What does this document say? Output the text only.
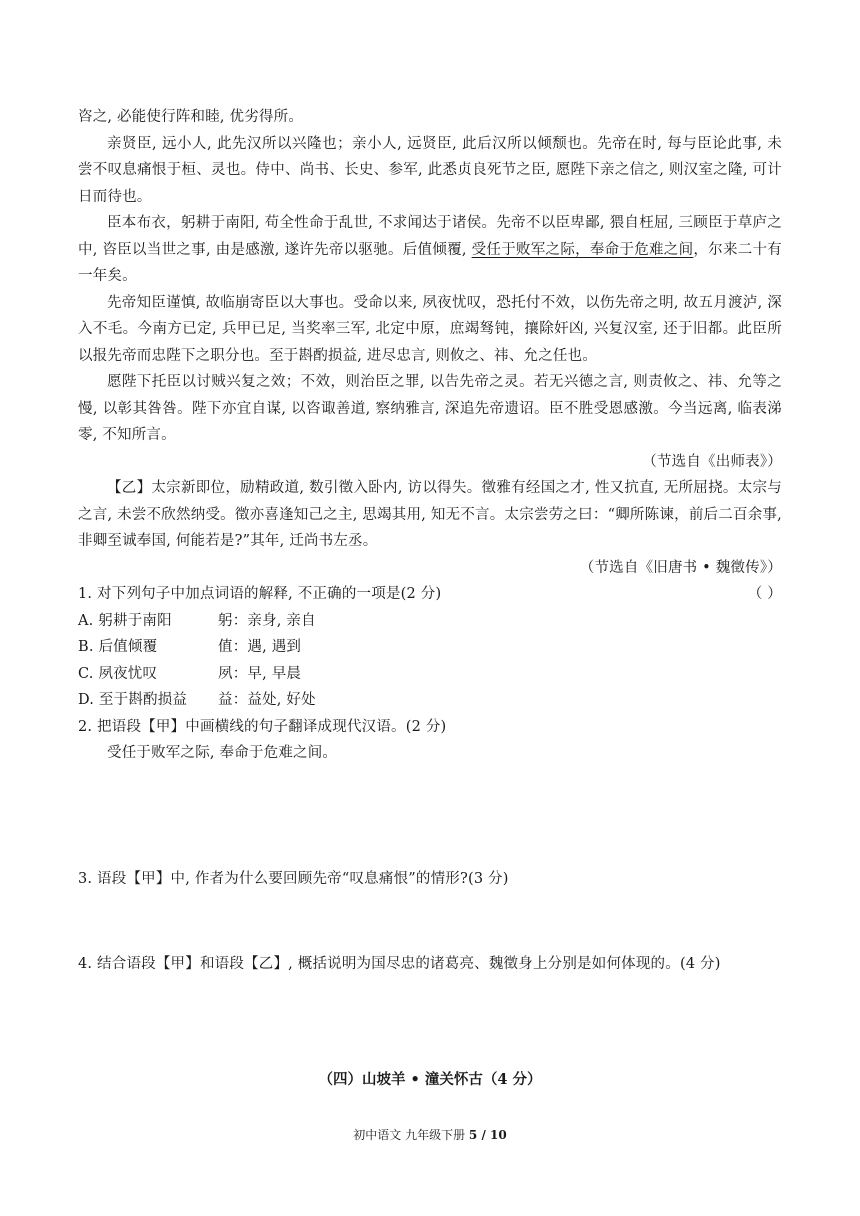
咨之, 必能使行阵和睦, 优劣得所。

亲贤臣, 远小人, 此先汉所以兴隆也；亲小人, 远贤臣, 此后汉所以倾颓也。先帝在时, 每与臣论此事, 未尝不叹息痛恨于桓、灵也。侍中、尚书、长史、参军, 此悉贞良死节之臣, 愿陛下亲之信之, 则汉室之隆, 可计日而待也。

臣本布衣，躬耕于南阳, 苟全性命于乱世, 不求闻达于诸侯。先帝不以臣卑鄙, 猥自枉屈, 三顾臣于草庐之中, 咨臣以当世之事, 由是感激, 遂许先帝以驱驰。后值倾覆, 受任于败军之际，奉命于危难之间，尔来二十有一年矣。

先帝知臣谨慎, 故临崩寄臣以大事也。受命以来, 夙夜忧叹，恐托付不效，以伤先帝之明, 故五月渡泸, 深入不毛。今南方已定, 兵甲已足, 当奖率三军, 北定中原，庶竭驽钝，攘除奸凶, 兴复汉室, 还于旧都。此臣所以报先帝而忠陛下之职分也。至于斟酌损益, 进尽忠言, 则攸之、祎、允之任也。

愿陛下托臣以讨贼兴复之效；不效，则治臣之罪, 以告先帝之灵。若无兴德之言, 则责攸之、祎、允等之慢, 以彰其咎咎。陛下亦宜自谋, 以咨诹善道, 察纳雅言, 深追先帝遗诏。臣不胜受恩感激。今当远离, 临表涕零, 不知所言。

（节选自《出师表》）

【乙】太宗新即位，励精政道, 数引徵入卧内, 访以得失。徵雅有经国之才, 性又抗直, 无所屈挠。太宗与之言, 未尝不欣然纳受。徵亦喜逢知己之主, 思竭其用, 知无不言。太宗尝劳之曰：“卿所陈谏，前后二百余事, 非卿至诚奉国, 何能若是?”其年, 迁尚书左丞。

（节选自《旧唐书 • 魏徵传》）

1. 对下列句子中加点词语的解释, 不正确的一项是(2 分)	（ ）

A. 躬耕于南阳	躬：亲身, 亲自

B. 后值倾覆	值：遇, 遇到

C. 夙夜忧叹	夙：早, 早晨

D. 至于斟酌损益	益：益处, 好处

2. 把语段【甲】中画横线的句子翻译成现代汉语。(2 分)

受任于败军之际, 奉命于危难之间。

3. 语段【甲】中, 作者为什么要回顾先帝“叹息痛恨”的情形?(3 分)

4. 结合语段【甲】和语段【乙】, 概括说明为国尽忠的诸葛亮、魏徵身上分别是如何体现的。(4 分)

（四）山坡羊 • 潼关怀古（4 分）
初中语文 九年级下册 5 / 10
